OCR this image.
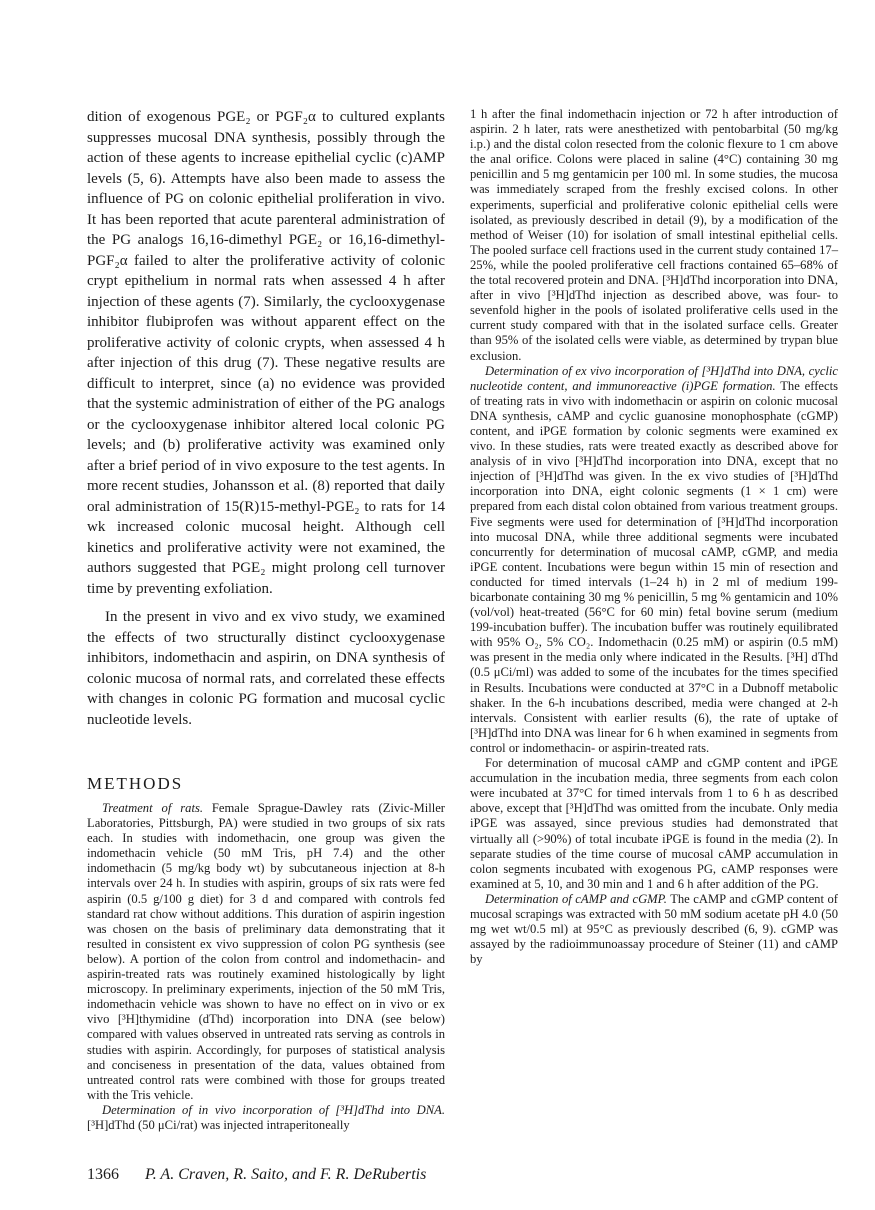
dition of exogenous PGE₂ or PGF₂α to cultured explants suppresses mucosal DNA synthesis, possibly through the action of these agents to increase epithelial cyclic (c)AMP levels (5, 6). Attempts have also been made to assess the influence of PG on colonic epithelial proliferation in vivo. It has been reported that acute parenteral administration of the PG analogs 16,16-dimethyl PGE₂ or 16,16-dimethyl-PGF₂α failed to alter the proliferative activity of colonic crypt epithelium in normal rats when assessed 4 h after injection of these agents (7). Similarly, the cyclooxygenase inhibitor flubiprofen was without apparent effect on the proliferative activity of colonic crypts, when assessed 4 h after injection of this drug (7). These negative results are difficult to interpret, since (a) no evidence was provided that the systemic administration of either of the PG analogs or the cyclooxygenase inhibitor altered local colonic PG levels; and (b) proliferative activity was examined only after a brief period of in vivo exposure to the test agents. In more recent studies, Johansson et al. (8) reported that daily oral administration of 15(R)15-methyl-PGE₂ to rats for 14 wk increased colonic mucosal height. Although cell kinetics and proliferative activity were not examined, the authors suggested that PGE₂ might prolong cell turnover time by preventing exfoliation.

In the present in vivo and ex vivo study, we examined the effects of two structurally distinct cyclooxygenase inhibitors, indomethacin and aspirin, on DNA synthesis of colonic mucosa of normal rats, and correlated these effects with changes in colonic PG formation and mucosal cyclic nucleotide levels.

METHODS

Treatment of rats. Female Sprague-Dawley rats (Zivic-Miller Laboratories, Pittsburgh, PA) were studied in two groups of six rats each. In studies with indomethacin, one group was given the indomethacin vehicle (50 mM Tris, pH 7.4) and the other indomethacin (5 mg/kg body wt) by subcutaneous injection at 8-h intervals over 24 h. In studies with aspirin, groups of six rats were fed aspirin (0.5 g/100 g diet) for 3 d and compared with controls fed standard rat chow without additions. This duration of aspirin ingestion was chosen on the basis of preliminary data demonstrating that it resulted in consistent ex vivo suppression of colon PG synthesis (see below). A portion of the colon from control and indomethacin- and aspirin-treated rats was routinely examined histologically by light microscopy. In preliminary experiments, injection of the 50 mM Tris, indomethacin vehicle was shown to have no effect on in vivo or ex vivo [³H]thymidine (dThd) incorporation into DNA (see below) compared with values observed in untreated rats serving as controls in studies with aspirin. Accordingly, for purposes of statistical analysis and conciseness in presentation of the data, values obtained from untreated control rats were combined with those for groups treated with the Tris vehicle.

Determination of in vivo incorporation of [³H]dThd into DNA. [³H]dThd (50 μCi/rat) was injected intraperitoneally

1 h after the final indomethacin injection or 72 h after introduction of aspirin. 2 h later, rats were anesthetized with pentobarbital (50 mg/kg i.p.) and the distal colon resected from the colonic flexure to 1 cm above the anal orifice. Colons were placed in saline (4°C) containing 30 mg penicillin and 5 mg gentamicin per 100 ml. In some studies, the mucosa was immediately scraped from the freshly excised colons. In other experiments, superficial and proliferative colonic epithelial cells were isolated, as previously described in detail (9), by a modification of the method of Weiser (10) for isolation of small intestinal epithelial cells. The pooled surface cell fractions used in the current study contained 17–25%, while the pooled proliferative cell fractions contained 65–68% of the total recovered protein and DNA. [³H]dThd incorporation into DNA, after in vivo [³H]dThd injection as described above, was four- to sevenfold higher in the pools of isolated proliferative cells used in the current study compared with that in the isolated surface cells. Greater than 95% of the isolated cells were viable, as determined by trypan blue exclusion.

Determination of ex vivo incorporation of [³H]dThd into DNA, cyclic nucleotide content, and immunoreactive (i)PGE formation. The effects of treating rats in vivo with indomethacin or aspirin on colonic mucosal DNA synthesis, cAMP and cyclic guanosine monophosphate (cGMP) content, and iPGE formation by colonic segments were examined ex vivo. In these studies, rats were treated exactly as described above for analysis of in vivo [³H]dThd incorporation into DNA, except that no injection of [³H]dThd was given. In the ex vivo studies of [³H]dThd incorporation into DNA, eight colonic segments (1 × 1 cm) were prepared from each distal colon obtained from various treatment groups. Five segments were used for determination of [³H]dThd incorporation into mucosal DNA, while three additional segments were incubated concurrently for determination of mucosal cAMP, cGMP, and media iPGE content. Incubations were begun within 15 min of resection and conducted for timed intervals (1–24 h) in 2 ml of medium 199-bicarbonate containing 30 mg % penicillin, 5 mg % gentamicin and 10% (vol/vol) heat-treated (56°C for 60 min) fetal bovine serum (medium 199-incubation buffer). The incubation buffer was routinely equilibrated with 95% O₂, 5% CO₂. Indomethacin (0.25 mM) or aspirin (0.5 mM) was present in the media only where indicated in the Results. [³H] dThd (0.5 μCi/ml) was added to some of the incubates for the times specified in Results. Incubations were conducted at 37°C in a Dubnoff metabolic shaker. In the 6-h incubations described, media were changed at 2-h intervals. Consistent with earlier results (6), the rate of uptake of [³H]dThd into DNA was linear for 6 h when examined in segments from control or indomethacin- or aspirin-treated rats.

For determination of mucosal cAMP and cGMP content and iPGE accumulation in the incubation media, three segments from each colon were incubated at 37°C for timed intervals from 1 to 6 h as described above, except that [³H]dThd was omitted from the incubate. Only media iPGE was assayed, since previous studies had demonstrated that virtually all (>90%) of total incubate iPGE is found in the media (2). In separate studies of the time course of mucosal cAMP accumulation in colon segments incubated with exogenous PG, cAMP responses were examined at 5, 10, and 30 min and 1 and 6 h after addition of the PG.

Determination of cAMP and cGMP. The cAMP and cGMP content of mucosal scrapings was extracted with 50 mM sodium acetate pH 4.0 (50 mg wet wt/0.5 ml) at 95°C as previously described (6, 9). cGMP was assayed by the radioimmunoassay procedure of Steiner (11) and cAMP by

1366 P. A. Craven, R. Saito, and F. R. DeRubertis
